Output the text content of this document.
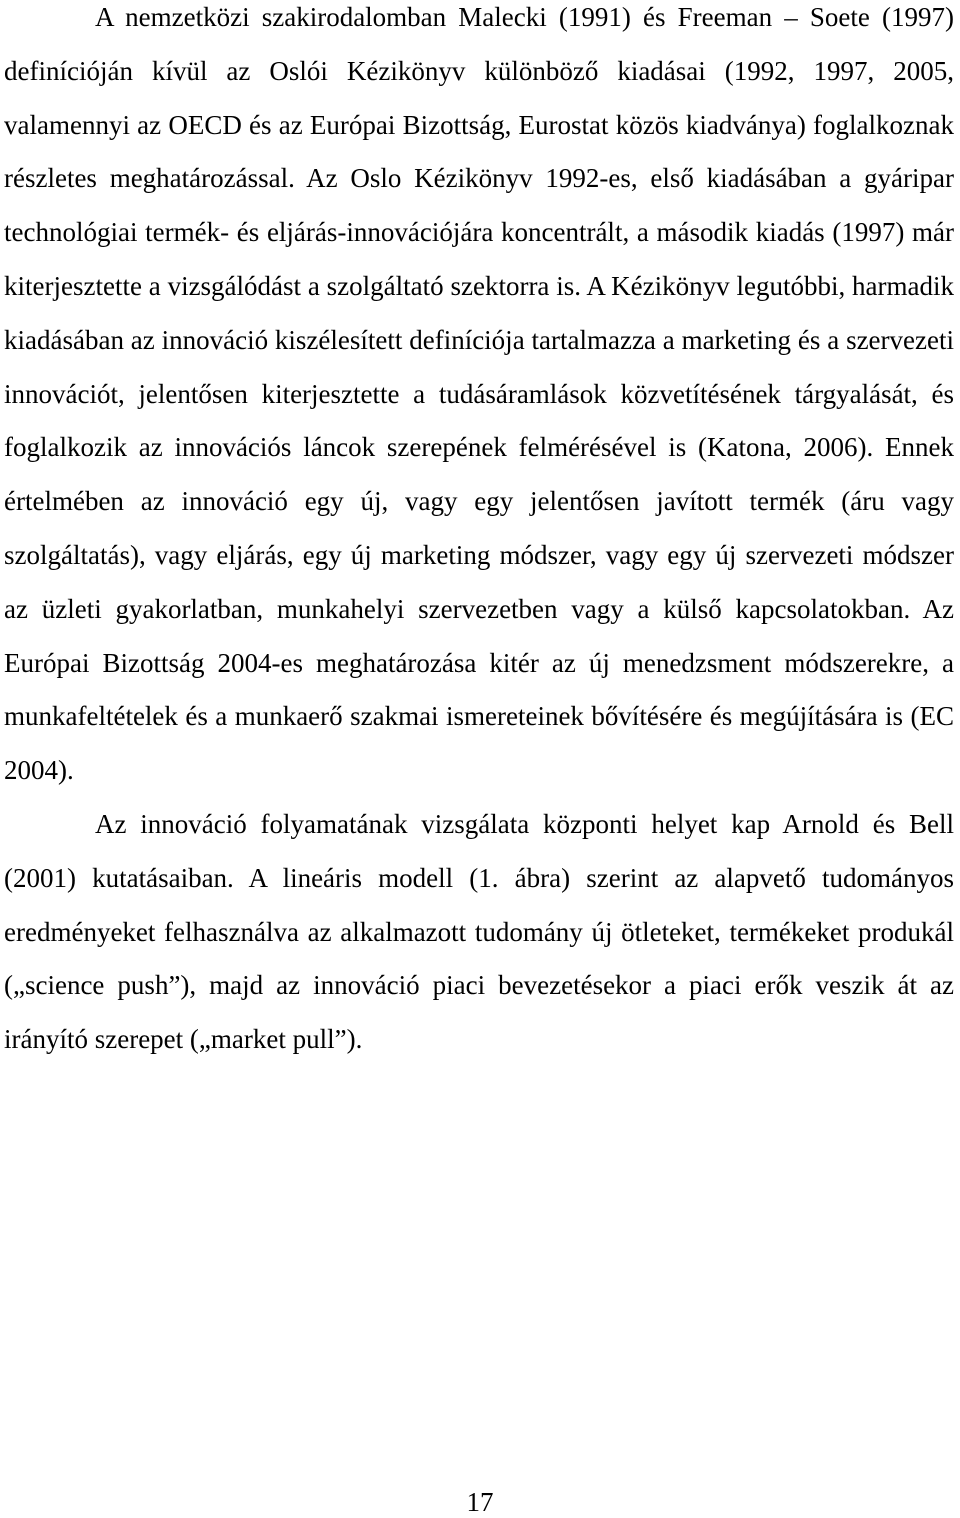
A nemzetközi szakirodalomban Malecki (1991) és Freeman – Soete (1997) definícióján kívül az Oslói Kézikönyv különböző kiadásai (1992, 1997, 2005, valamennyi az OECD és az Európai Bizottság, Eurostat közös kiadványa) foglalkoznak részletes meghatározással. Az Oslo Kézikönyv 1992-es, első kiadásában a gyáripar technológiai termék- és eljárás-innovációjára koncentrált, a második kiadás (1997) már kiterjesztette a vizsgálódást a szolgáltató szektorra is. A Kézikönyv legutóbbi, harmadik kiadásában az innováció kiszélesített definíciója tartalmazza a marketing és a szervezeti innovációt, jelentősen kiterjesztette a tudásáramlások közvetítésének tárgyalását, és foglalkozik az innovációs láncok szerepének felmérésével is (Katona, 2006). Ennek értelmében az innováció egy új, vagy egy jelentősen javított termék (áru vagy szolgáltatás), vagy eljárás, egy új marketing módszer, vagy egy új szervezeti módszer az üzleti gyakorlatban, munkahelyi szervezetben vagy a külső kapcsolatokban. Az Európai Bizottság 2004-es meghatározása kitér az új menedzsment módszerekre, a munkafeltételek és a munkaerő szakmai ismereteinek bővítésére és megújítására is (EC 2004).

Az innováció folyamatának vizsgálata központi helyet kap Arnold és Bell (2001) kutatásaiban. A lineáris modell (1. ábra) szerint az alapvető tudományos eredményeket felhasználva az alkalmazott tudomány új ötleteket, termékeket produkál („science push”), majd az innováció piaci bevezetésekor a piaci erők veszik át az irányító szerepet („market pull”).

17
